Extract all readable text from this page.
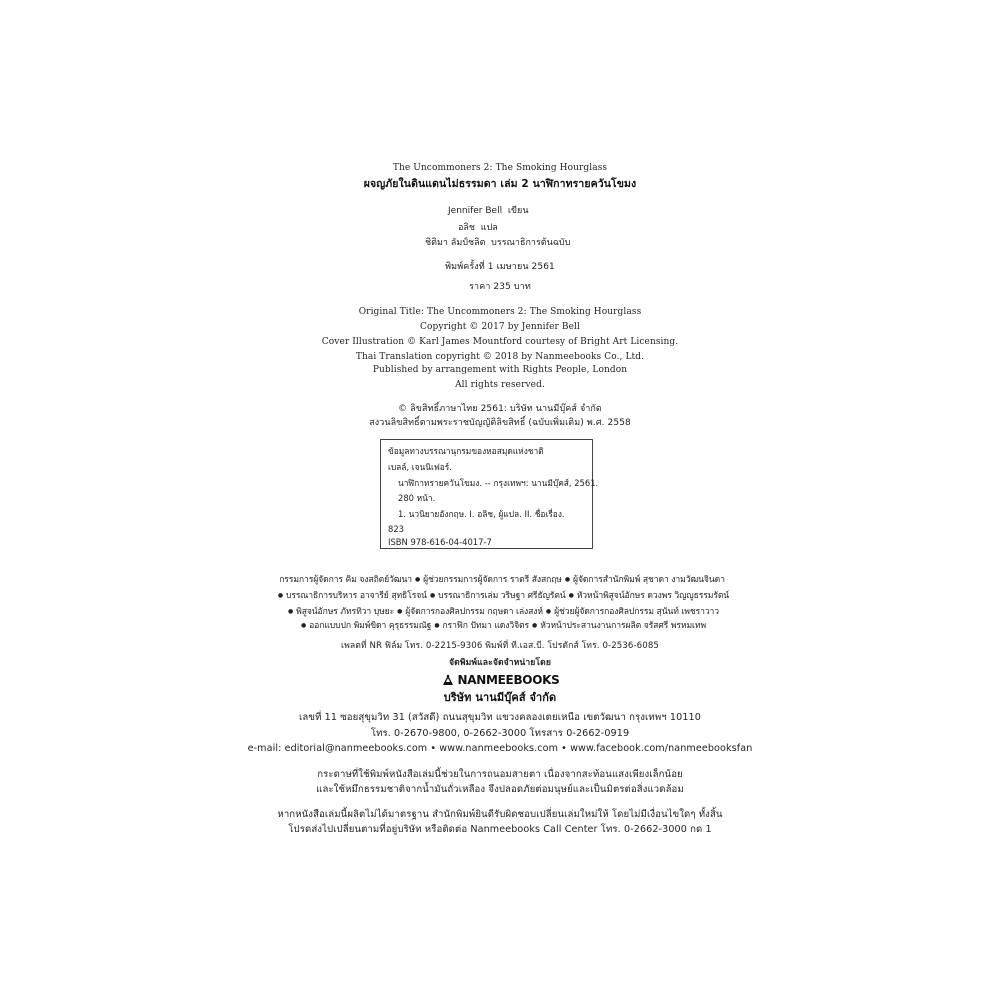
The Uncommoners 2: The Smoking Hourglass
ผจญภัยในดินแดนไม่ธรรมดา เล่ม 2 นาฬิกาทรายควันโขมง
Jennifer Bell เขียน
อลิช แปล
ชิติมา ลัมป์ชลิต บรรณาธิการต้นฉบับ
พิมพ์ครั้งที่ 1 เมษายน 2561
ราคา 235 บาท
Original Title: The Uncommoners 2: The Smoking Hourglass
Copyright © 2017 by Jennifer Bell
Cover Illustration © Karl James Mountford courtesy of Bright Art Licensing.
Thai Translation copyright © 2018 by Nanmeebooks Co., Ltd.
Published by arrangement with Rights People, London
All rights reserved.
© ลิขสิทธิ์ภาษาไทย 2561: บริษัท นานมีบุ๊คส์ จำกัด
สงวนลิขสิทธิ์ตามพระราชบัญญัติลิขสิทธิ์ (ฉบับเพิ่มเติม) พ.ศ. 2558
ข้อมูลทางบรรณานุกรมของหอสมุดแห่งชาติ
เบลล์, เจนนิเฟอร์.
นาฬิกาทรายควันโขมง. -- กรุงเทพฯ: นานมีบุ๊คส์, 2561.
280 หน้า.
1. นวนิยายอังกฤษ. I. อลิช, ผู้แปล. II. ชื่อเรื่อง.
823
ISBN 978-616-04-4017-7
กรรมการผู้จัดการ คิม จงสถิตย์วัฒนา ● ผู้ช่วยกรรมการผู้จัดการ ราตรี สังสกฤษ ● ผู้จัดการสำนักพิมพ์ สุชาดา งามวัฒนจินดา
● บรรณาธิการบริหาร อาจารีย์ สุทธิโรจน์ ● บรรณาธิการเล่ม วริษฐา ศรีธัญรัตน์ ● หัวหน้าพิสูจน์อักษร ดวงพร วิญญูธรรมรัตน์
● พิสูจน์อักษร ภัทรทิวา บุษยะ ● ผู้จัดการกองศิลปกรรม กฤษดา เล่งสงห์ ● ผู้ช่วยผู้จัดการกองศิลปกรรม สุนันท์ เพชราวาว
● ออกแบบปก พิมพ์ขิดา คุรุธรรมณัฐ ● กราฟิก ปัทมา แดงวิจิตร ● หัวหน้าประสานงานการผลิต จรัสศรี พรหมเทพ
เพลตที่ NR ฟิล์ม โทร. 0-2215-9306 พิมพ์ที่ ที.เอส.บี. โปรดักส์ โทร. 0-2536-6085
จัดพิมพ์และจัดจำหน่ายโดย
NANMEEBOOKS
บริษัท นานมีบุ๊คส์ จำกัด
เลขที่ 11 ซอยสุขุมวิท 31 (สวัสดี) ถนนสุขุมวิท แขวงคลองเตยเหนือ เขตวัฒนา กรุงเทพฯ 10110
โทร. 0-2670-9800, 0-2662-3000 โทรสาร 0-2662-0919
e-mail: editorial@nanmeebooks.com • www.nanmeebooks.com • www.facebook.com/nanmeebooksfan
กระดาษที่ใช้พิมพ์หนังสือเล่มนี้ช่วยในการถนอมสายตา เนื่องจากสะท้อนแสงเพียงเล็กน้อย
และใช้หมึกธรรมชาติจากน้ำมันถั่วเหลือง จึงปลอดภัยต่อมนุษย์และเป็นมิตรต่อสิ่งแวดล้อม
หากหนังสือเล่มนี้ผลิตไม่ได้มาตรฐาน สำนักพิมพ์ยินดีรับผิดชอบเปลี่ยนเล่มใหม่ให้ โดยไม่มีเงื่อนไขใดๆ ทั้งสิ้น
โปรดส่งไปเปลี่ยนตามที่อยู่บริษัท หรือติดต่อ Nanmeebooks Call Center โทร. 0-2662-3000 กด 1
